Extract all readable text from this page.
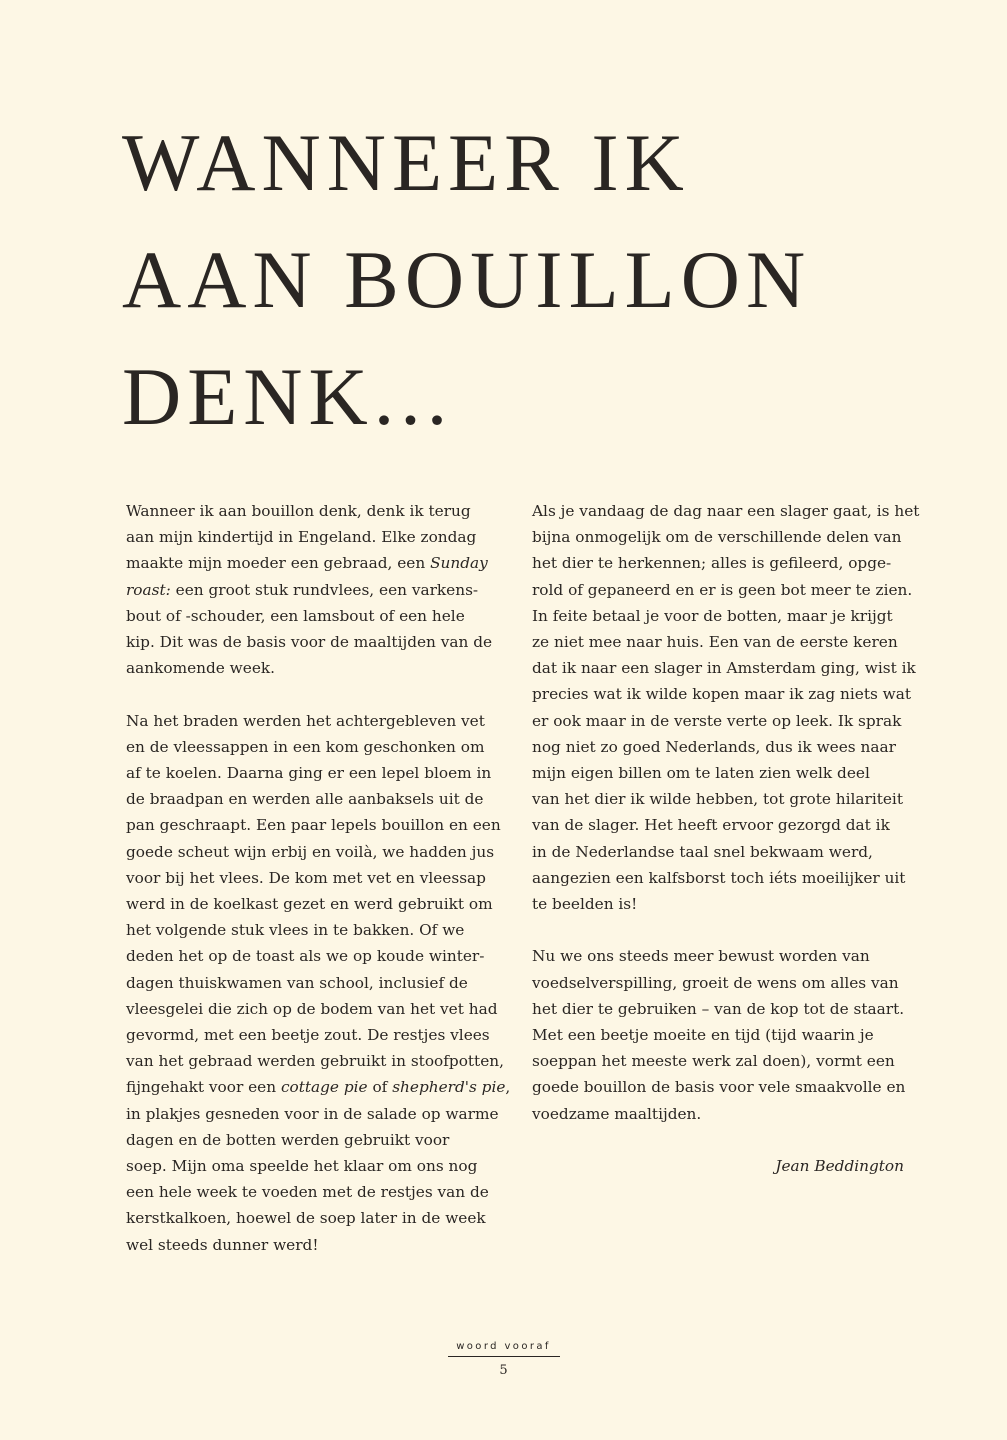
WANNEER IK
AAN BOUILLON
DENK...
Wanneer ik aan bouillon denk, denk ik terug
aan mijn kindertijd in Engeland. Elke zondag
maakte mijn moeder een gebraad, een Sunday
roast: een groot stuk rundvlees, een varkens-
bout of -schouder, een lamsbout of een hele
kip. Dit was de basis voor de maaltijden van de
aankomende week.
Na het braden werden het achtergebleven vet
en de vleessappen in een kom geschonken om
af te koelen. Daarna ging er een lepel bloem in
de braadpan en werden alle aanbaksels uit de
pan geschraapt. Een paar lepels bouillon en een
goede scheut wijn erbij en voilà, we hadden jus
voor bij het vlees. De kom met vet en vleessap
werd in de koelkast gezet en werd gebruikt om
het volgende stuk vlees in te bakken. Of we
deden het op de toast als we op koude winter-
dagen thuiskwamen van school, inclusief de
vleesgelei die zich op de bodem van het vet had
gevormd, met een beetje zout. De restjes vlees
van het gebraad werden gebruikt in stoofpotten,
fijngehakt voor een cottage pie of shepherd's pie,
in plakjes gesneden voor in de salade op warme
dagen en de botten werden gebruikt voor
soep. Mijn oma speelde het klaar om ons nog
een hele week te voeden met de restjes van de
kerstkalkoen, hoewel de soep later in de week
wel steeds dunner werd!
Als je vandaag de dag naar een slager gaat, is het
bijna onmogelijk om de verschillende delen van
het dier te herkennen; alles is gefileerd, opge-
rold of gepaneerd en er is geen bot meer te zien.
In feite betaal je voor de botten, maar je krijgt
ze niet mee naar huis. Een van de eerste keren
dat ik naar een slager in Amsterdam ging, wist ik
precies wat ik wilde kopen maar ik zag niets wat
er ook maar in de verste verte op leek. Ik sprak
nog niet zo goed Nederlands, dus ik wees naar
mijn eigen billen om te laten zien welk deel
van het dier ik wilde hebben, tot grote hilariteit
van de slager. Het heeft ervoor gezorgd dat ik
in de Nederlandse taal snel bekwaam werd,
aangezien een kalfsborst toch iéts moeilijker uit
te beelden is!
Nu we ons steeds meer bewust worden van
voedselverspilling, groeit de wens om alles van
het dier te gebruiken – van de kop tot de staart.
Met een beetje moeite en tijd (tijd waarin je
soeppan het meeste werk zal doen), vormt een
goede bouillon de basis voor vele smaakvolle en
voedzame maaltijden.
Jean Beddington
woord vooraf
5
